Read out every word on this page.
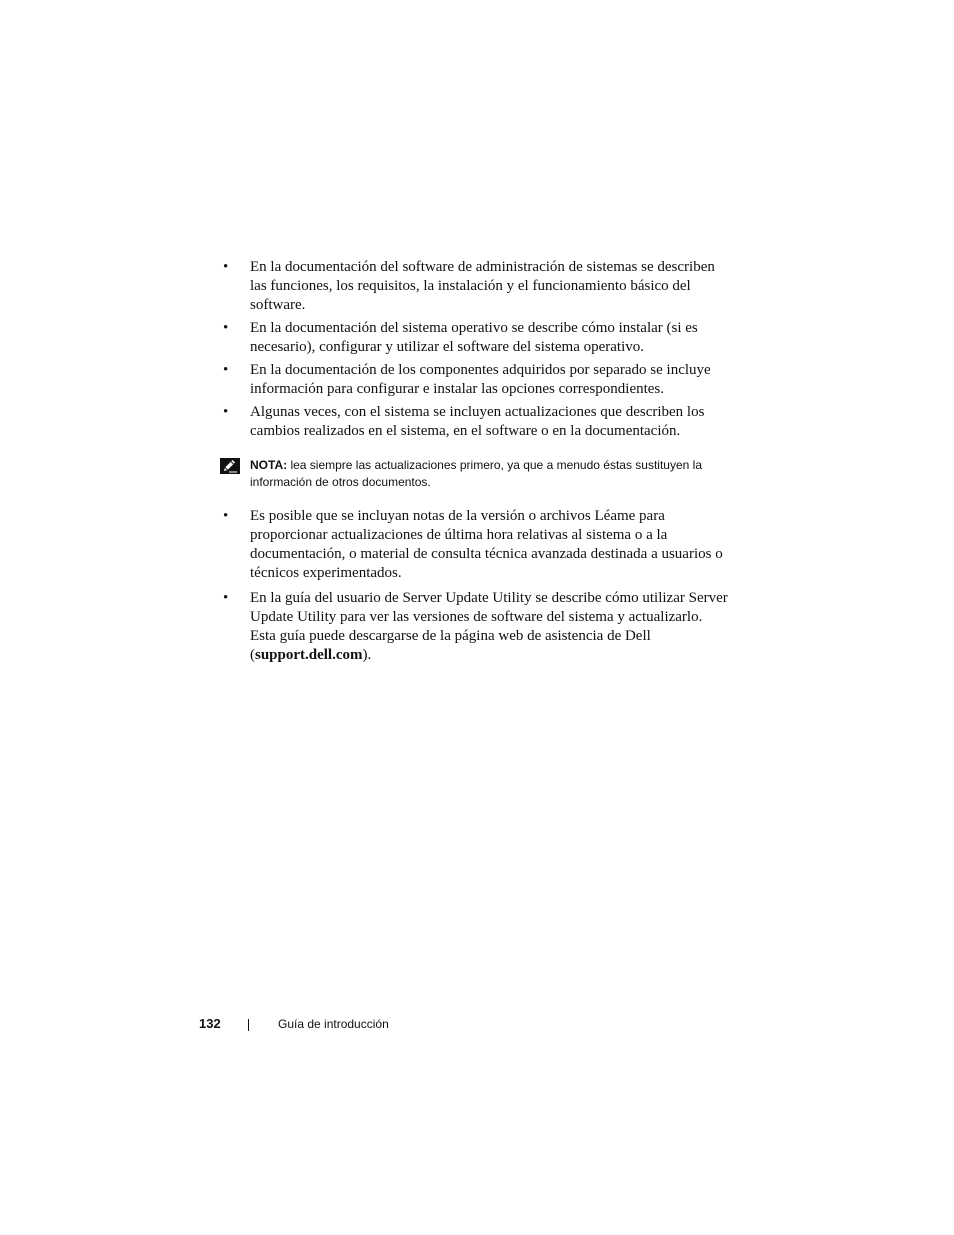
• En la documentación del software de administración de sistemas se describen las funciones, los requisitos, la instalación y el funcionamiento básico del software.
• En la documentación del sistema operativo se describe cómo instalar (si es necesario), configurar y utilizar el software del sistema operativo.
• En la documentación de los componentes adquiridos por separado se incluye información para configurar e instalar las opciones correspondientes.
• Algunas veces, con el sistema se incluyen actualizaciones que describen los cambios realizados en el sistema, en el software o en la documentación.
NOTA: lea siempre las actualizaciones primero, ya que a menudo éstas sustituyen la información de otros documentos.
• Es posible que se incluyan notas de la versión o archivos Léame para proporcionar actualizaciones de última hora relativas al sistema o a la documentación, o material de consulta técnica avanzada destinada a usuarios o técnicos experimentados.
• En la guía del usuario de Server Update Utility se describe cómo utilizar Server Update Utility para ver las versiones de software del sistema y actualizarlo. Esta guía puede descargarse de la página web de asistencia de Dell (support.dell.com).
132	Guía de introducción
